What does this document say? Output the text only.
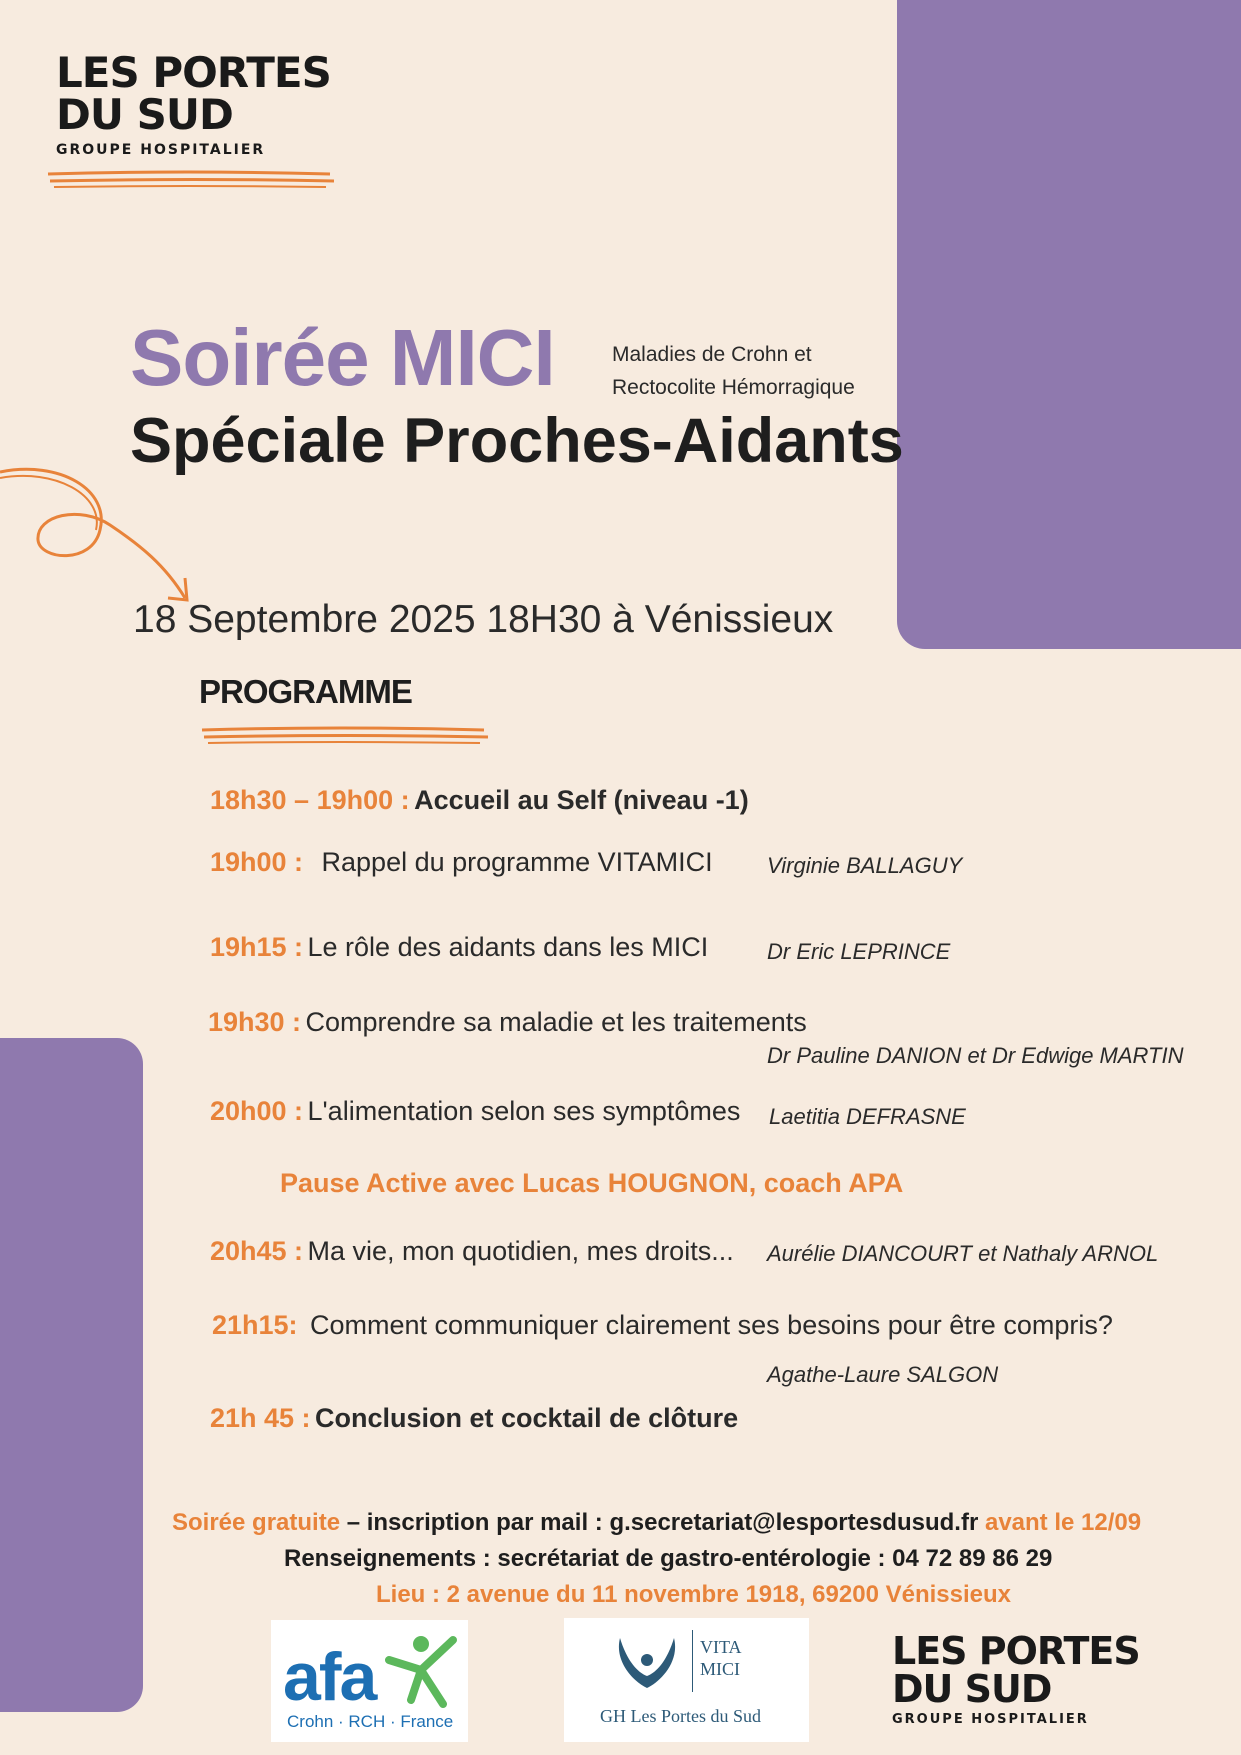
LES PORTES
DU SUD
GROUPE HOSPITALIER
Soirée MICI	Maladies de Crohn et
Rectocolite Hémorragique
Spéciale Proches-Aidants
18 Septembre 2025 18H30 à Vénissieux
PROGRAMME
18h30 – 19h00 : Accueil au Self (niveau -1)
19h00 : Rappel du programme VITAMICI Virginie BALLAGUY
19h15 : Le rôle des aidants dans les MICI	Dr Eric LEPRINCE
19h30 : Comprendre sa maladie et les traitements
Dr Pauline DANION et Dr Edwige MARTIN
20h00 : L'alimentation selon ses symptômes Laetitia DEFRASNE
Pause Active avec Lucas HOUGNON, coach APA
20h45 : Ma vie, mon quotidien, mes droits... Aurélie DIANCOURT et Nathaly ARNOL
21h15: Comment communiquer clairement ses besoins pour être compris?
Agathe-Laure SALGON
21h 45 : Conclusion et cocktail de clôture
Soirée gratuite – inscription par mail : g.secretariat@lesportesdusud.fr avant le 12/09
Renseignements : secrétariat de gastro-entérologie : 04 72 89 86 29
Lieu : 2 avenue du 11 novembre 1918, 69200 Vénissieux
afa
Crohn · RCH · France
VITA
MICI
GH Les Portes du Sud
LES PORTES
DU SUD
GROUPE HOSPITALIER
